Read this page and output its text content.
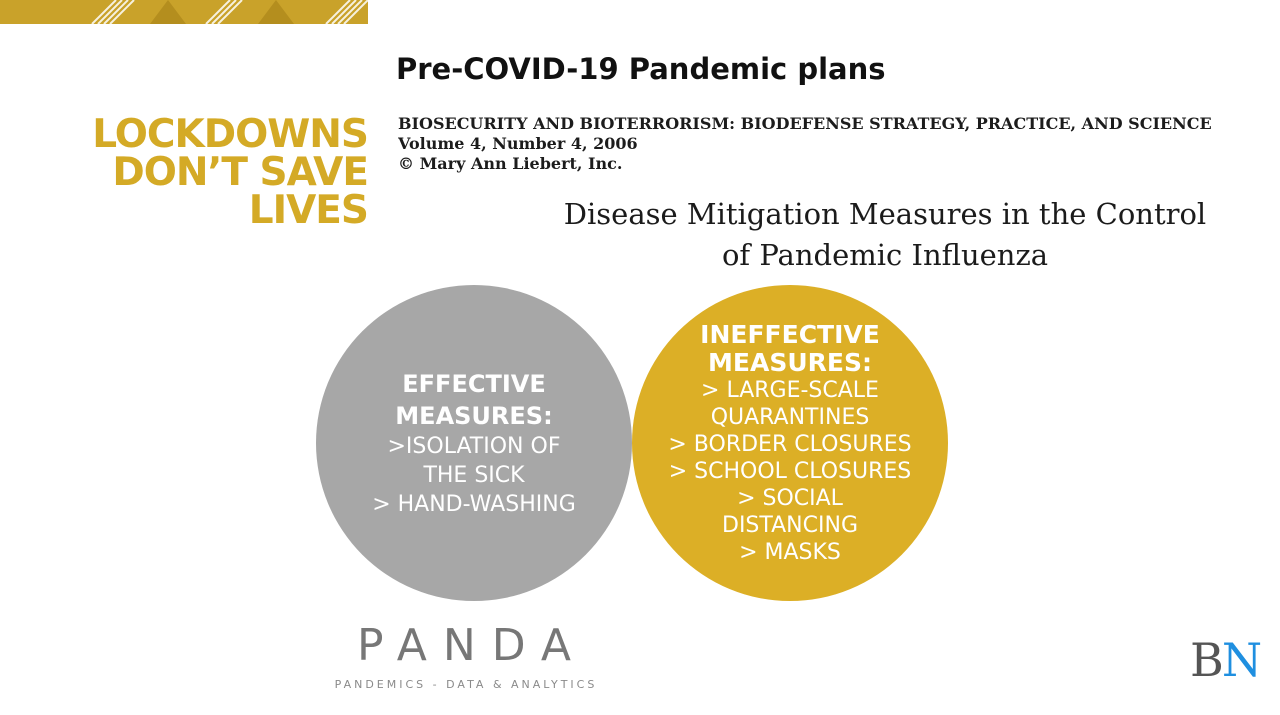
Pre-COVID-19 Pandemic plans
BIOSECURITY AND BIOTERRORISM: BIODEFENSE STRATEGY, PRACTICE, AND SCIENCE
Volume 4, Number 4, 2006
© Mary Ann Liebert, Inc.
LOCKDOWNS
DON’T SAVE
LIVES	Disease Mitigation Measures in the Control
of Pandemic Influenza
EFFECTIVE
MEASURES:
>ISOLATION OF
THE SICK
> HAND-WASHING
INEFFECTIVE
MEASURES:
> LARGE-SCALE
QUARANTINES
> BORDER CLOSURES
> SCHOOL CLOSURES
> SOCIAL
DISTANCING
> MASKS
PANDA
PANDEMICS - DATA & ANALYTICS	BN
